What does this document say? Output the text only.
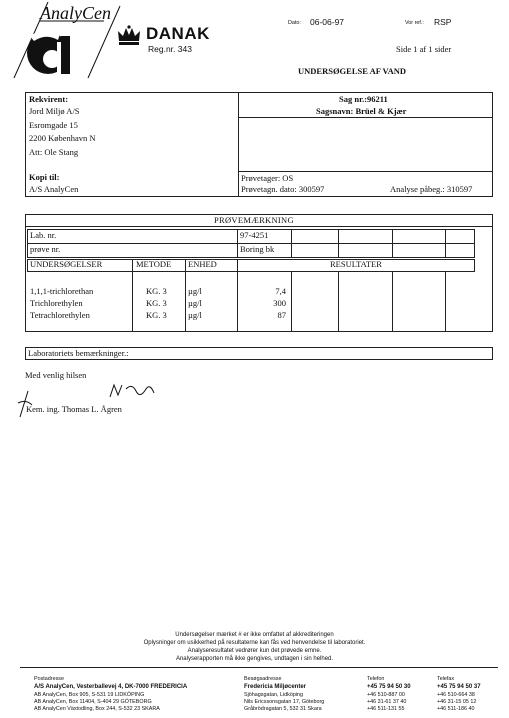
AnalyCen
DANAK
Reg.nr. 343
Dato: 06-06-97	Vor ref.: RSP
Side 1 af 1 sider
UNDERSØGELSE AF VAND
Rekvirent:
Jord Miljø A/S
Esromgade 15
2200 København N
Att: Ole Stang
Kopi til:
A/S AnalyCen
Sag nr.:96211
Sagsnavn: Brüel & Kjær
Prøvetager: OS
Prøvetagn. dato: 300597	Analyse påbeg.: 310597
PRØVEMÆRKNING
Lab. nr.	97-4251
prøve nr.	Boring bk
UNDERSØGELSER	METODE ENHED	RESULTATER
1,1,1-trichlorethan	KG. 3 µg/l	7,4
Trichlorethylen	KG. 3 µg/l	300
Tetrachlorethylen	KG. 3 µg/l	87
Laboratoriets bemærkninger.:
Med venlig hilsen
Kem. ing. Thomas L. Ågren
Undersøgelser mærket # er ikke omfattet af akkrediteringen
Oplysninger om usikkerhed på resultaterne kan fås ved henvendelse til laboratoriet.
Analyseresultatet vedrører kun det prøvede emne.
Analyserapporten må ikke gengives, undtagen i sin helhed.
Postadresse	Besøgsadresse	Telefon	Telefax
A/S AnalyCen, Vesterballevej 4, DK-7000 FREDERICIA	Fredericia Miljøcenter	+45 75 94 50 30	+45 75 94 50 37
AB AnalyCen, Box 905, S-531 19 LIDKÖPING	Sjöhagsgatan, Lidköping	+46 510-887 00	+46 510-664 38
AB AnalyCen, Box 11404, S-404 29 GÖTEBORG	Nils Ericssonsgatan 17, Göteborg	+46 31-61 37 40	+46 31-15 05 12
AB AnalyCen Växtodling, Box 244, S-532 23 SKARA	Gråbrödragatan 5, 532 31 Skara	+46 511-131 55	+46 511-186 40
